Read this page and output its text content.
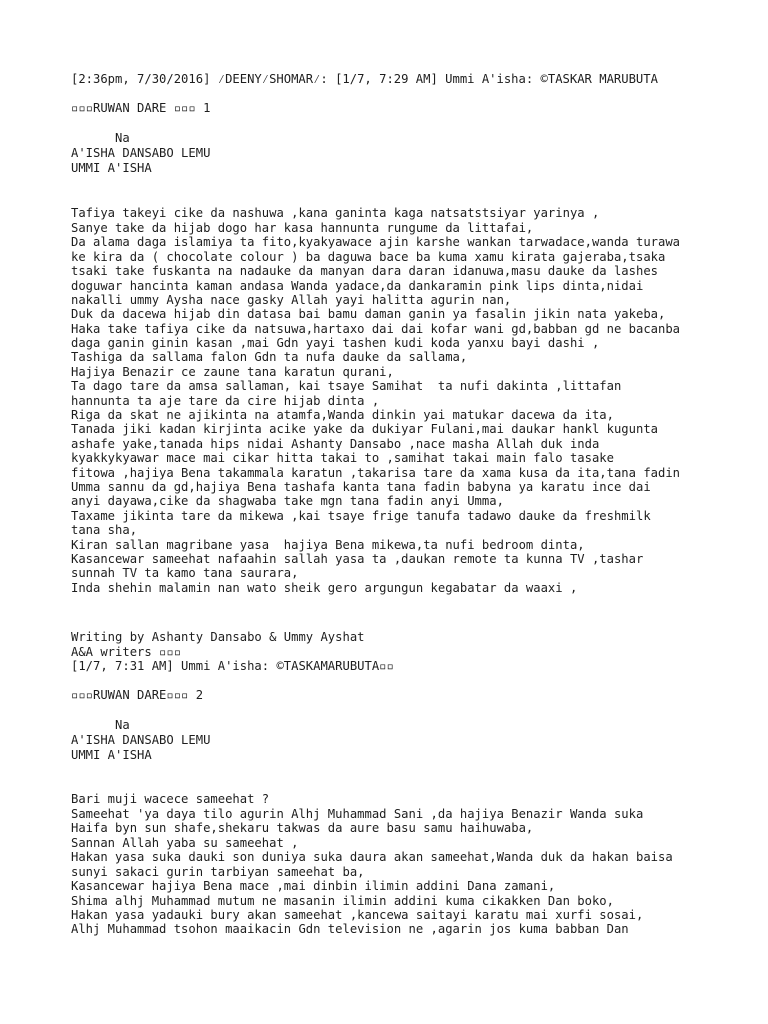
[2:36pm, 7/30/2016] ⁄DEENY⁄SHOMAR⁄: [1/7, 7:29 AM] Ummi A'isha: ©TASKAR MARUBUTA

▫▫▫RUWAN DARE ▫▫▫ 1

Na

A'ISHA DANSABO LEMU

UMMI A'ISHA

Tafiya takeyi cike da nashuwa ,kana ganinta kaga natsatstsiyar yarinya ,

Sanye take da hijab dogo har kasa hannunta rungume da littafai,

Da alama daga islamiya ta fito,kyakyawace ajin karshe wankan tarwadace,wanda turawa

ke kira da ( chocolate colour ) ba daguwa bace ba kuma xamu kirata gajeraba,tsaka

tsaki take fuskanta na nadauke da manyan dara daran idanuwa,masu dauke da lashes

doguwar hancinta kaman andasa Wanda yadace,da dankaramin pink lips dinta,nidai

nakalli ummy Aysha nace gasky Allah yayi halitta agurin nan,

Duk da dacewa hijab din datasa bai bamu daman ganin ya fasalin jikin nata yakeba,

Haka take tafiya cike da natsuwa,hartaxo dai dai kofar wani gd,babban gd ne bacanba

daga ganin ginin kasan ,mai Gdn yayi tashen kudi koda yanxu bayi dashi ,

Tashiga da sallama falon Gdn ta nufa dauke da sallama,

Hajiya Benazir ce zaune tana karatun qurani,

Ta dago tare da amsa sallaman, kai tsaye Samihat  ta nufi dakinta ,littafan

hannunta ta aje tare da cire hijab dinta ,

Riga da skat ne ajikinta na atamfa,Wanda dinkin yai matukar dacewa da ita,

Tanada jiki kadan kirjinta acike yake da dukiyar Fulani,mai daukar hankl kuguntа

ashafe yake,tanada hips nidai Ashanty Dansabo ,nace masha Allah duk inda

kyakkykyawar mace mai cikar hitta takai to ,samihat takai main falo tasake

fitowa ,hajiya Bena takammala karatun ,takarisa tare da xama kusa da ita,tana fadin

Umma sannu da gd,hajiya Bena tashafa kanta tana fadin babyna ya karatu ince dai

anyi dayawa,cike da shagwaba take mgn tana fadin anyi Umma,

Taxame jikinta tare da mikewa ,kai tsaye frige tanufa tadawo dauke da freshmilk

tana sha,

Kiran sallan magribane yasa  hajiya Bena mikewa,ta nufi bedroom dinta,

Kasancewar sameehat nafaahin sallah yasa ta ,daukan remote ta kunna TV ,tashar

sunnah TV ta kamo tana saurara,

Inda shehin malamin nan wato sheik gero argungun kegabatar da waaxi ,

Writing by Ashanty Dansabo & Ummy Ayshat

A&A writers ▫▫▫

[1/7, 7:31 AM] Ummi A'isha: ©TASKAMARUBUTA▫▫

▫▫▫RUWAN DARE▫▫▫ 2

Na

A'ISHA DANSABO LEMU

UMMI A'ISHA

Bari muji wacece sameehat ?

Sameehat 'ya daya tilo agurin Alhj Muhammad Sani ,da hajiya Benazir Wanda suka

Haifa byn sun shafe,shekaru takwas da aure basu samu haihuwaba,

Sannan Allah yaba su sameehat ,

Hakan yasa suka dauki son duniya suka daura akan sameehat,Wanda duk da hakan baisa

sunyi sakaci gurin tarbiyan sameehat ba,

Kasancewar hajiya Bena mace ,mai dinbin ilimin addini Dana zamani,

Shima alhj Muhammad mutum ne masanin ilimin addini kuma cikakken Dan boko,

Hakan yasa yadauki bury akan sameehat ,kancewa saitayi karatu mai xurfi sosai,

Alhj Muhammad tsohon maaikacin Gdn television ne ,agarin jos kuma babban Dan
